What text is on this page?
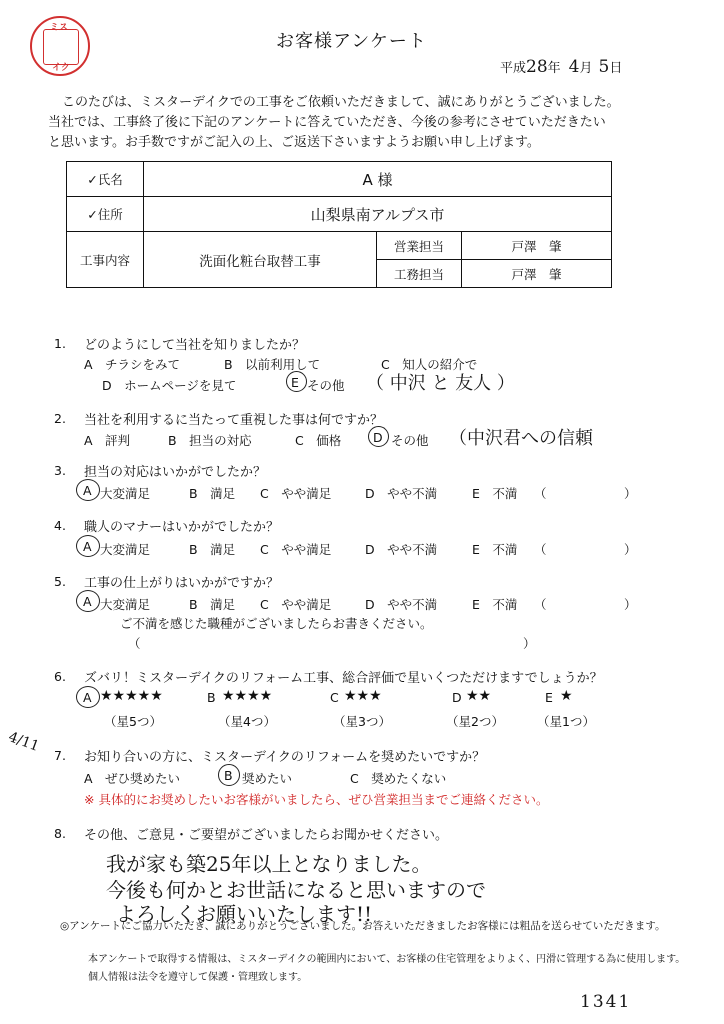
ミス
イク
お客様アンケート
平成28年 4月 5日
このたびは、ミスターデイクでの工事をご依頼いただきまして、誠にありがとうございました。
当社では、工事終了後に下記のアンケートに答えていただき、今後の参考にさせていただきたい
と思います。お手数ですがご記入の上、ご返送下さいますようお願い申し上げます。
✓氏名	A 様		
✓住所	山梨県南アルプス市		
工事内容	洗面化粧台取替工事	営業担当	戸澤　肇
		工務担当	戸澤　肇
1. どのようにして当社を知りましたか？
A　チラシをみて	B　以前利用して	C　知人の紹介で
D　ホームページを見て	E その他 （ 中沢 と 友人 ）
2. 当社を利用するに当たって重視した事は何ですか？
A　評判	B　担当の対応	C　価格	D その他 （中沢君への信頼
3. 担当の対応はいかがでしたか？
A 大変満足	B　満足 C　やや満足	D　やや不満	E　不満 （	）
4. 職人のマナーはいかがでしたか？
A 大変満足	B　満足 C　やや満足	D　やや不満	E　不満 （	）
5. 工事の仕上がりはいかがですか？
A 大変満足	B　満足 C　やや満足	D　やや不満	E　不満 （	）
ご不満を感じた職種がございましたらお書きください。
（	）
6. ズバリ！ミスターデイクのリフォーム工事、総合評価で星いくつただけますでしょうか？
A ★★★★★
（星5つ）
B ★★★★
（星4つ）
C ★★★
（星3つ）
D ★★
（星2つ）
E ★
（星1つ）
4/11
7. お知り合いの方に、ミスターデイクのリフォームを奨めたいですか？
A　ぜひ奨めたい	B 奨めたい	C　奨めたくない
※ 具体的にお奨めしたいお客様がいましたら、ぜひ営業担当までご連絡ください。
8. その他、ご意見・ご要望がございましたらお聞かせください。
我が家も築25年以上となりました。
今後も何かとお世話になると思いますので
よろしくお願いいたします!!
◎アンケートにご協力いただき、誠にありがとうございました。お答えいただきましたお客様には粗品を送らせていただきます。
本アンケートで取得する情報は、ミスターデイクの範囲内において、お客様の住宅管理をよりよく、円滑に管理する為に使用します。
個人情報は法令を遵守して保護・管理致します。
1341
